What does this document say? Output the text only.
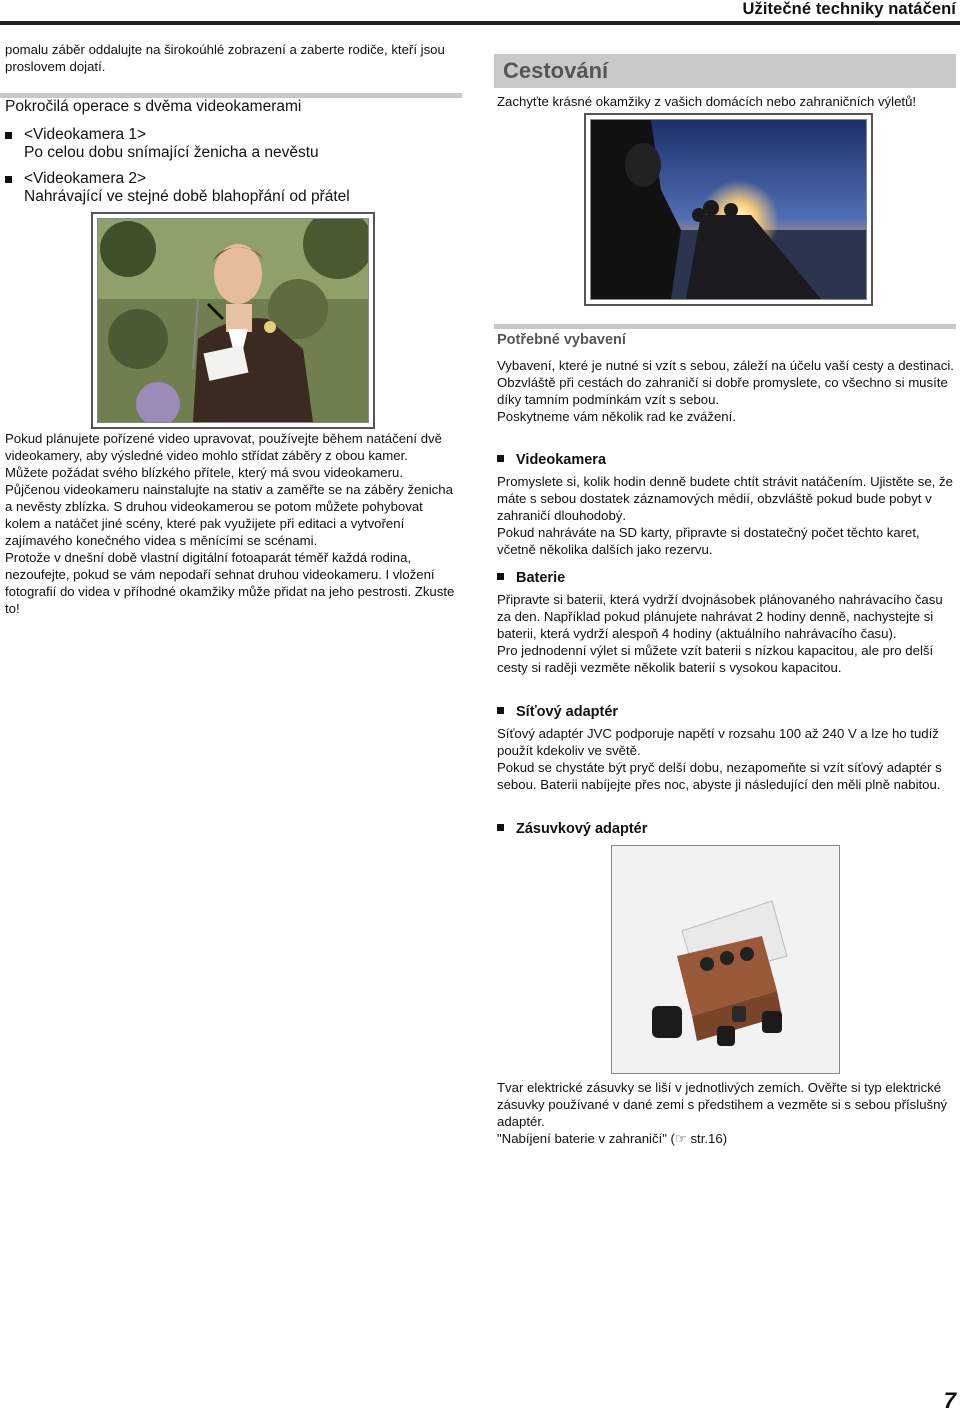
Užitečné techniky natáčení
pomalu záběr oddalujte na širokoúhlé zobrazení a zaberte rodiče, kteří jsou proslovem dojatí.
Pokročilá operace s dvěma videokamerami
<Videokamera 1>
Po celou dobu snímající ženicha a nevěstu
<Videokamera 2>
Nahrávající ve stejné době blahopřání od přátel

Pokud plánujete pořízené video upravovat, používejte během natáčení dvě videokamery, aby výsledné video mohlo střídat záběry z obou kamer.

Můžete požádat svého blízkého přítele, který má svou videokameru.

Půjčenou videokameru nainstalujte na stativ a zaměřte se na záběry ženicha a nevěsty zblízka. S druhou videokamerou se potom můžete pohybovat kolem a natáčet jiné scény, které pak využijete při editaci a vytvoření zajímavého konečného videa s měnícími se scénami.

Protože v dnešní době vlastní digitální fotoaparát téměř každá rodina, nezoufejte, pokud se vám nepodaří sehnat druhou videokameru. I vložení fotografií do videa v příhodné okamžiky může přidat na jeho pestrosti. Zkuste to!

Cestování
Zachyťte krásné okamžiky z vašich domácích nebo zahraničních výletů!
Potřebné vybavení

Vybavení, které je nutné si vzít s sebou, záleží na účelu vaší cesty a destinaci.

Obzvláště při cestách do zahraničí si dobře promyslete, co všechno si musíte díky tamním podmínkám vzít s sebou.

Poskytneme vám několik rad ke zvážení.

Videokamera

Promyslete si, kolik hodin denně budete chtít strávit natáčením. Ujistěte se, že máte s sebou dostatek záznamových médií, obzvláště pokud bude pobyt v zahraničí dlouhodobý.

Pokud nahráváte na SD karty, připravte si dostatečný počet těchto karet, včetně několika dalších jako rezervu.

Baterie

Připravte si baterii, která vydrží dvojnásobek plánovaného nahrávacího času za den. Například pokud plánujete nahrávat 2 hodiny denně, nachystejte si baterii, která vydrží alespoň 4 hodiny (aktuálního nahrávacího času).

Pro jednodenní výlet si můžete vzít baterii s nízkou kapacitou, ale pro delší cesty si raději vezměte několik baterií s vysokou kapacitou.

Síťový adaptér

Síťový adaptér JVC podporuje napětí v rozsahu 100 až 240 V a lze ho tudíž použít kdekoliv ve světě.

Pokud se chystáte být pryč delší dobu, nezapomeňte si vzít síťový adaptér s sebou. Baterii nabíjejte přes noc, abyste ji následující den měli plně nabitou.

Zásuvkový adaptér

Tvar elektrické zásuvky se liší v jednotlivých zemích. Ověřte si typ elektrické zásuvky používané v dané zemi s předstihem a vezměte si s sebou příslušný adaptér.

"Nabíjení baterie v zahraničí" (☞ str.16)

7
